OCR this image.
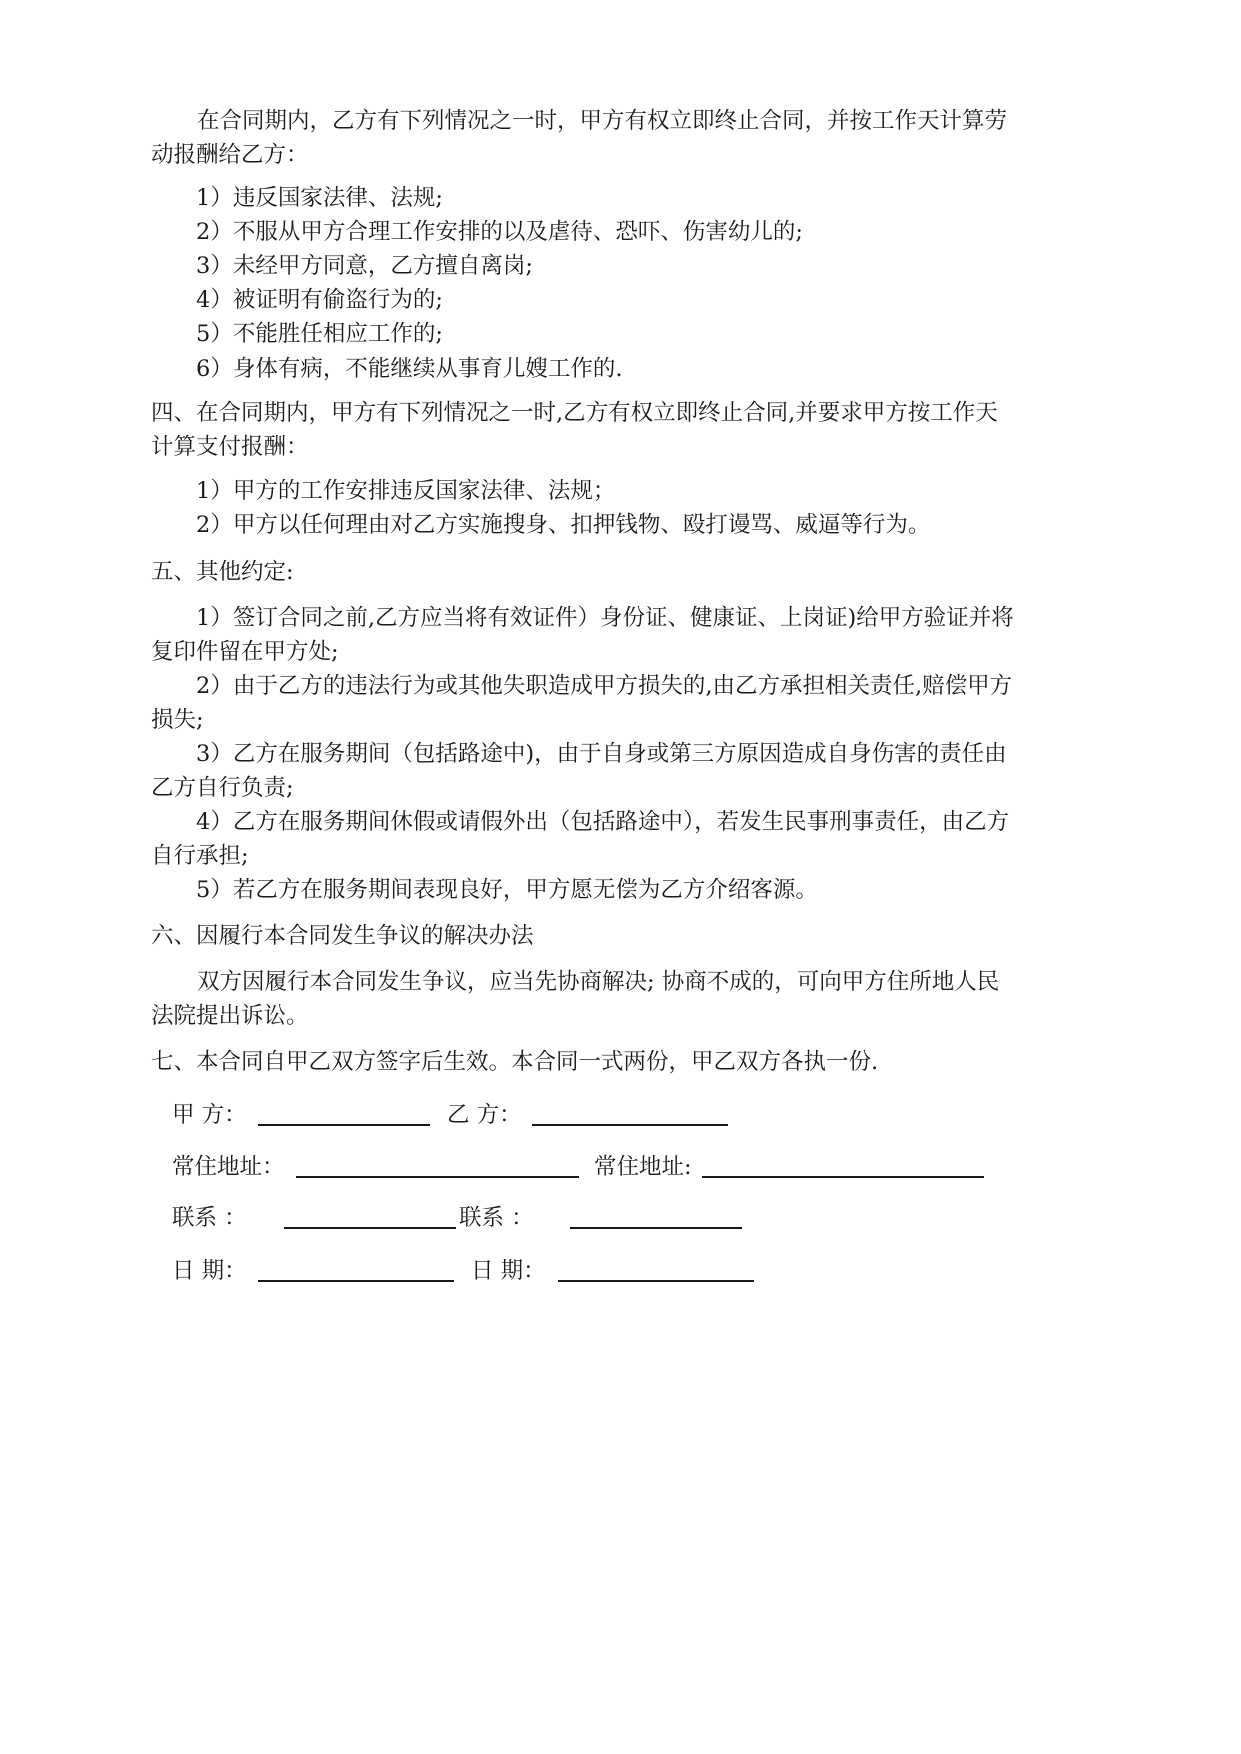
在合同期内，乙方有下列情况之一时，甲方有权立即终止合同，并按工作天计算劳
动报酬给乙方：
1）违反国家法律、法规;
2）不服从甲方合理工作安排的以及虐待、恐吓、伤害幼儿的;
3）未经甲方同意，乙方擅自离岗;
4）被证明有偷盗行为的;
5）不能胜任相应工作的;
6）身体有病，不能继续从事育儿嫂工作的.
四、在合同期内，甲方有下列情况之一时,乙方有权立即终止合同,并要求甲方按工作天
计算支付报酬：
1）甲方的工作安排违反国家法律、法规；
2）甲方以任何理由对乙方实施搜身、扣押钱物、殴打谩骂、威逼等行为。
五、其他约定:
1）签订合同之前,乙方应当将有效证件）身份证、健康证、上岗证)给甲方验证并将
复印件留在甲方处;
2）由于乙方的违法行为或其他失职造成甲方损失的,由乙方承担相关责任,赔偿甲方
损失;
3）乙方在服务期间（包括路途中)，由于自身或第三方原因造成自身伤害的责任由
乙方自行负责;
4）乙方在服务期间休假或请假外出（包括路途中），若发生民事刑事责任，由乙方
自行承担;
5）若乙方在服务期间表现良好，甲方愿无偿为乙方介绍客源。
六、因履行本合同发生争议的解决办法
双方因履行本合同发生争议，应当先协商解决; 协商不成的，可向甲方住所地人民
法院提出诉讼。
七、本合同自甲乙双方签字后生效。本合同一式两份，甲乙双方各执一份.
甲 方：	乙 方：
常住地址：	常住地址:
联系 ：	联系 ：
日 期：	日 期：
